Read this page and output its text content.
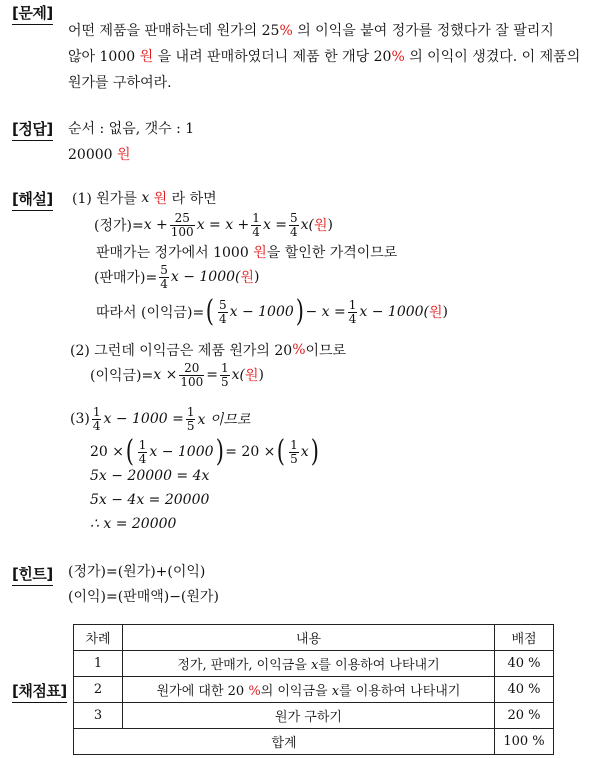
[문제]
어떤 제품을 판매하는데 원가의 25% 의 이익을 붙여 정가를 정했다가 잘 팔리지
않아 1000 원 을 내려 판매하였더니 제품 한 개당 20% 의 이익이 생겼다. 이 제품의
원가를 구하여라.
[정답] 순서 : 없음, 갯수 : 1
20000 원
[해설] (1) 원가를
x
원
라 하면
(정가)= $x + \frac{25}{100}$ $x = x + \frac{1}{4}$ $x = \frac{5}{4} x$( 원 )
판매가는 정가에서 1000
원 을 할인한 가격이므로
(판매가)= $\frac{5}{4}$ x − 1000( 원 )
따라서 (이익금)= ( $\frac{5}{4}$ x − 1000 ) − $x = \frac{1}{4}$ x − 1000( 원 )
(2) 그런데 이익금은 제품 원가의 20 % 이므로
(이익금)= $x \times \frac{20}{100} = \frac{1}{5} x$( 원 )
$(3) \frac{1}{4}$ $x - 1000 = \frac{1}{5}$ x 이므로
20 × ( $\frac{1}{4}$ x − 1000 ) = 20 × ( $\frac{1}{5}$ x )
5x − 20000 = 4x
5x − 4x = 20000
∴ x = 20000
[힌트] (정가)=(원가)+(이익)
(이익)=(판매액)−(원가)
[채점표]
차례	내용	배점
1	정가, 판매가, 이익금을 x를 이용하여 나타내기	40 %
2	원가에 대한 20 %의 이익금을 x를 이용하여 나타내기	40 %
3	원가 구하기	20 %
합계		100 %
